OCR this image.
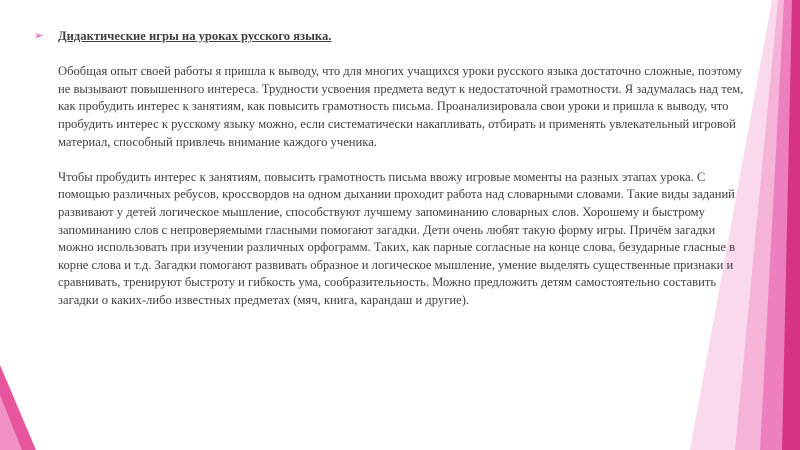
➢ Дидактические игры на уроках русского языка.
Обобщая опыт своей работы я пришла к выводу, что для многих учащихся уроки русского языка достаточно сложные, поэтому не вызывают повышенного интереса. Трудности усвоения предмета ведут к недостаточной грамотности. Я задумалась над тем, как пробудить интерес к занятиям, как повысить грамотность письма. Проанализировала свои уроки и пришла к выводу, что пробудить интерес к русскому языку можно, если систематически накапливать, отбирать и применять увлекательный игровой материал, способный привлечь внимание каждого ученика.
Чтобы пробудить интерес к занятиям, повысить грамотность письма ввожу игровые моменты на разных этапах урока. С помощью различных ребусов, кроссвордов на одном дыхании проходит работа над словарными словами. Такие виды заданий развивают у детей логическое мышление, способствуют лучшему запоминанию словарных слов. Хорошему и быстрому запоминанию слов с непроверяемыми гласными помогают загадки. Дети очень любят такую форму игры. Причём загадки можно использовать при изучении различных орфограмм. Таких, как парные согласные на конце слова, безударные гласные в корне слова и т.д. Загадки помогают развивать образное и логическое мышление, умение выделять существенные признаки и сравнивать, тренируют быстроту и гибкость ума, сообразительность. Можно предложить детям самостоятельно составить загадки о каких-либо известных предметах (мяч, книга, карандаш и другие).
